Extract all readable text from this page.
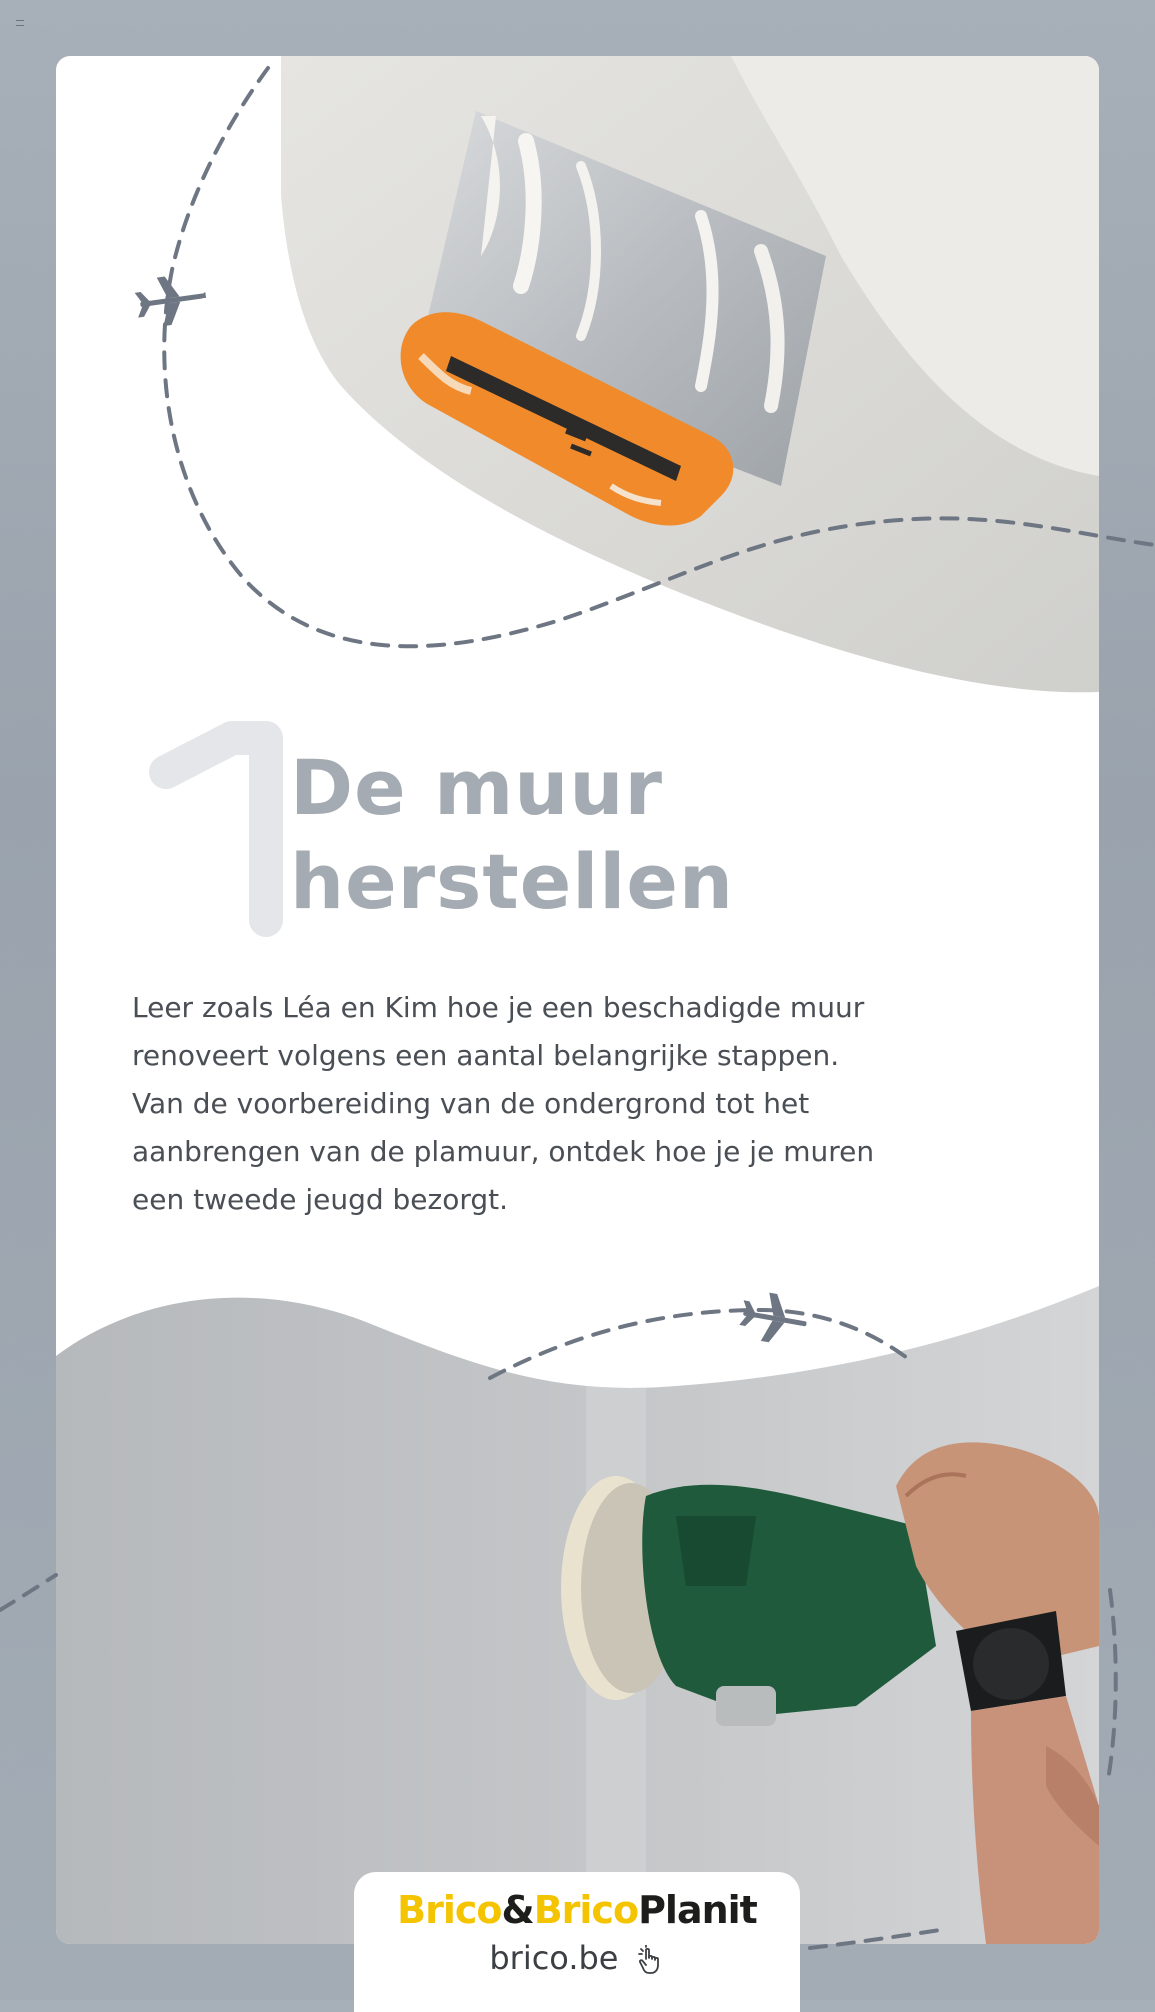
1
De muur
herstellen

Leer zoals Léa en Kim hoe je een beschadigde muur
renoveert volgens een aantal belangrijke stappen.
Van de voorbereiding van de ondergrond tot het
aanbrengen van de plamuur, ontdek hoe je je muren
een tweede jeugd bezorgt.

Brico&BricoPlanit
brico.be
